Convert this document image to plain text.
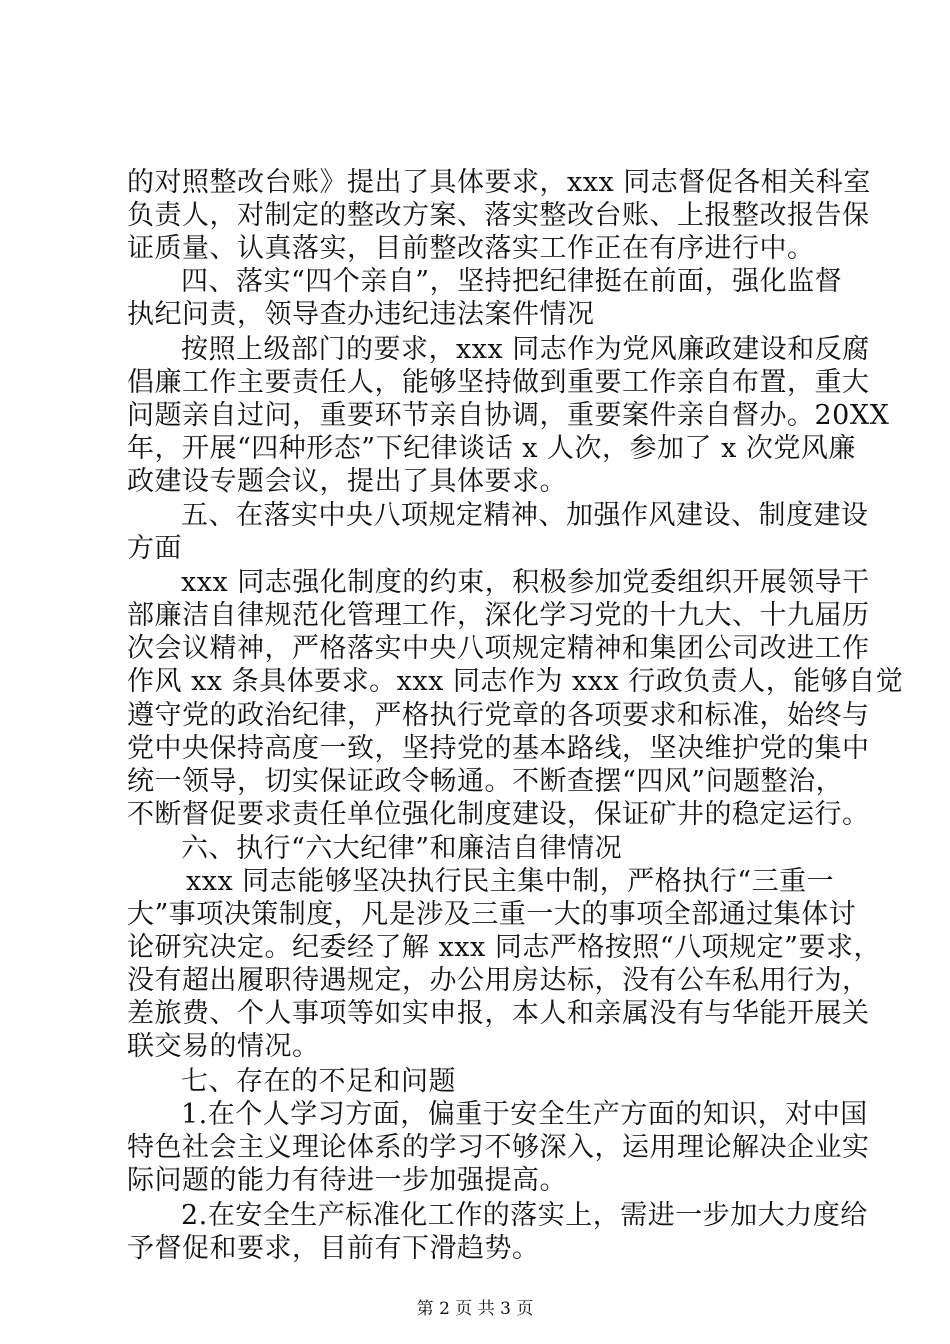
的对照整改台账》提出了具体要求，xxx 同志督促各相关科室
负责人，对制定的整改方案、落实整改台账、上报整改报告保
证质量、认真落实，目前整改落实工作正在有序进行中。
四、落实“四个亲自”，坚持把纪律挺在前面，强化监督
执纪问责，领导查办违纪违法案件情况
按照上级部门的要求，xxx 同志作为党风廉政建设和反腐
倡廉工作主要责任人，能够坚持做到重要工作亲自布置，重大
问题亲自过问，重要环节亲自协调，重要案件亲自督办。20XX
年，开展“四种形态”下纪律谈话 x 人次，参加了 x 次党风廉
政建设专题会议，提出了具体要求。
五、在落实中央八项规定精神、加强作风建设、制度建设
方面
xxx 同志强化制度的约束，积极参加党委组织开展领导干
部廉洁自律规范化管理工作，深化学习党的十九大、十九届历
次会议精神，严格落实中央八项规定精神和集团公司改进工作
作风 xx 条具体要求。xxx 同志作为 xxx 行政负责人，能够自觉
遵守党的政治纪律，严格执行党章的各项要求和标准，始终与
党中央保持高度一致，坚持党的基本路线，坚决维护党的集中
统一领导，切实保证政令畅通。不断查摆“四风”问题整治，
不断督促要求责任单位强化制度建设，保证矿井的稳定运行。
六、执行“六大纪律”和廉洁自律情况
xxx 同志能够坚决执行民主集中制，严格执行“三重一
大”事项决策制度，凡是涉及三重一大的事项全部通过集体讨
论研究决定。纪委经了解 xxx 同志严格按照“八项规定”要求，
没有超出履职待遇规定，办公用房达标，没有公车私用行为，
差旅费、个人事项等如实申报，本人和亲属没有与华能开展关
联交易的情况。
七、存在的不足和问题
1.在个人学习方面，偏重于安全生产方面的知识，对中国
特色社会主义理论体系的学习不够深入，运用理论解决企业实
际问题的能力有待进一步加强提高。
第 2 页 共 3 页
2.在安全生产标准化工作的落实上，需进一步加大力度给
予督促和要求，目前有下滑趋势。
